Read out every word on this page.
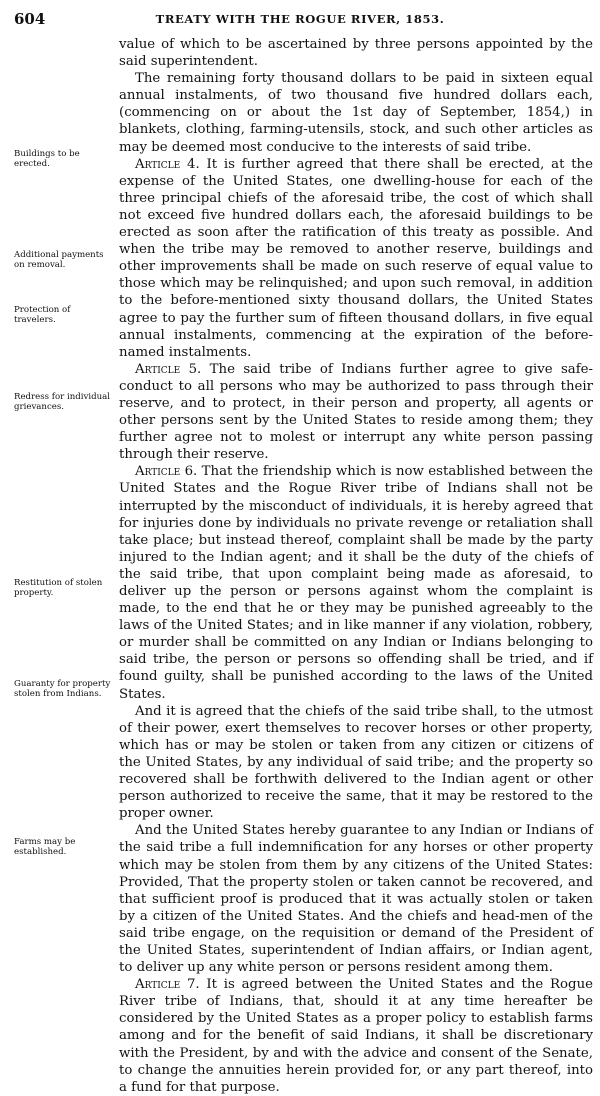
604	TREATY WITH THE ROGUE RIVER, 1853.
Buildings to be erected.
Additional payments on removal.
Protection of travelers.
Redress for individual grievances.
Restitution of stolen property.
Guaranty for property stolen from Indians.
Farms may be established.

value of which to be ascertained by three persons appointed by the said superintendent.

The remaining forty thousand dollars to be paid in sixteen equal annual instalments, of two thousand five hundred dollars each, (commencing on or about the 1st day of September, 1854,) in blankets, clothing, farming-utensils, stock, and such other articles as may be deemed most conducive to the interests of said tribe.

Article 4. It is further agreed that there shall be erected, at the expense of the United States, one dwelling-house for each of the three principal chiefs of the aforesaid tribe, the cost of which shall not exceed five hundred dollars each, the aforesaid buildings to be erected as soon after the ratification of this treaty as possible. And when the tribe may be removed to another reserve, buildings and other improvements shall be made on such reserve of equal value to those which may be relinquished; and upon such removal, in addition to the before-mentioned sixty thousand dollars, the United States agree to pay the further sum of fifteen thousand dollars, in five equal annual instalments, commencing at the expiration of the before-named instalments.

Article 5. The said tribe of Indians further agree to give safe-conduct to all persons who may be authorized to pass through their reserve, and to protect, in their person and property, all agents or other persons sent by the United States to reside among them; they further agree not to molest or interrupt any white person passing through their reserve.

Article 6. That the friendship which is now established between the United States and the Rogue River tribe of Indians shall not be interrupted by the misconduct of individuals, it is hereby agreed that for injuries done by individuals no private revenge or retaliation shall take place; but instead thereof, complaint shall be made by the party injured to the Indian agent; and it shall be the duty of the chiefs of the said tribe, that upon complaint being made as aforesaid, to deliver up the person or persons against whom the complaint is made, to the end that he or they may be punished agreeably to the laws of the United States; and in like manner if any violation, robbery, or murder shall be committed on any Indian or Indians belonging to said tribe, the person or persons so offending shall be tried, and if found guilty, shall be punished according to the laws of the United States.

And it is agreed that the chiefs of the said tribe shall, to the utmost of their power, exert themselves to recover horses or other property, which has or may be stolen or taken from any citizen or citizens of the United States, by any individual of said tribe; and the property so recovered shall be forthwith delivered to the Indian agent or other person authorized to receive the same, that it may be restored to the proper owner.

And the United States hereby guarantee to any Indian or Indians of the said tribe a full indemnification for any horses or other property which may be stolen from them by any citizens of the United States: Provided, That the property stolen or taken cannot be recovered, and that sufficient proof is produced that it was actually stolen or taken by a citizen of the United States. And the chiefs and head-men of the said tribe engage, on the requisition or demand of the President of the United States, superintendent of Indian affairs, or Indian agent, to deliver up any white person or persons resident among them.

Article 7. It is agreed between the United States and the Rogue River tribe of Indians, that, should it at any time hereafter be considered by the United States as a proper policy to establish farms among and for the benefit of said Indians, it shall be discretionary with the President, by and with the advice and consent of the Senate, to change the annuities herein provided for, or any part thereof, into a fund for that purpose.
